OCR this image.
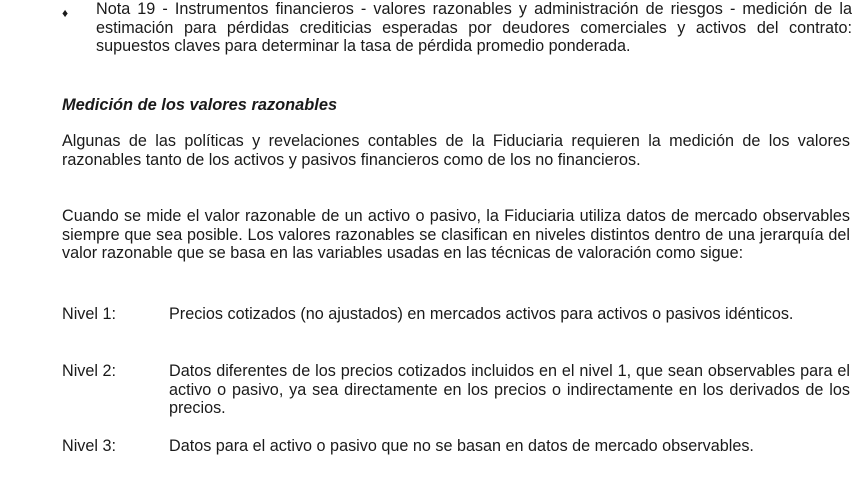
♦ Nota 19 - Instrumentos financieros - valores razonables y administración de riesgos - medición de la estimación para pérdidas crediticias esperadas por deudores comerciales y activos del contrato: supuestos claves para determinar la tasa de pérdida promedio ponderada.
Medición de los valores razonables

Algunas de las políticas y revelaciones contables de la Fiduciaria requieren la medición de los valores razonables tanto de los activos y pasivos financieros como de los no financieros.

Cuando se mide el valor razonable de un activo o pasivo, la Fiduciaria utiliza datos de mercado observables siempre que sea posible. Los valores razonables se clasifican en niveles distintos dentro de una jerarquía del valor razonable que se basa en las variables usadas en las técnicas de valoración como sigue:

Nivel 1:	Precios cotizados (no ajustados) en mercados activos para activos o pasivos idénticos.
Nivel 2:	Datos diferentes de los precios cotizados incluidos en el nivel 1, que sean observables para el activo o pasivo, ya sea directamente en los precios o indirectamente en los derivados de los precios.
Nivel 3:	Datos para el activo o pasivo que no se basan en datos de mercado observables.
